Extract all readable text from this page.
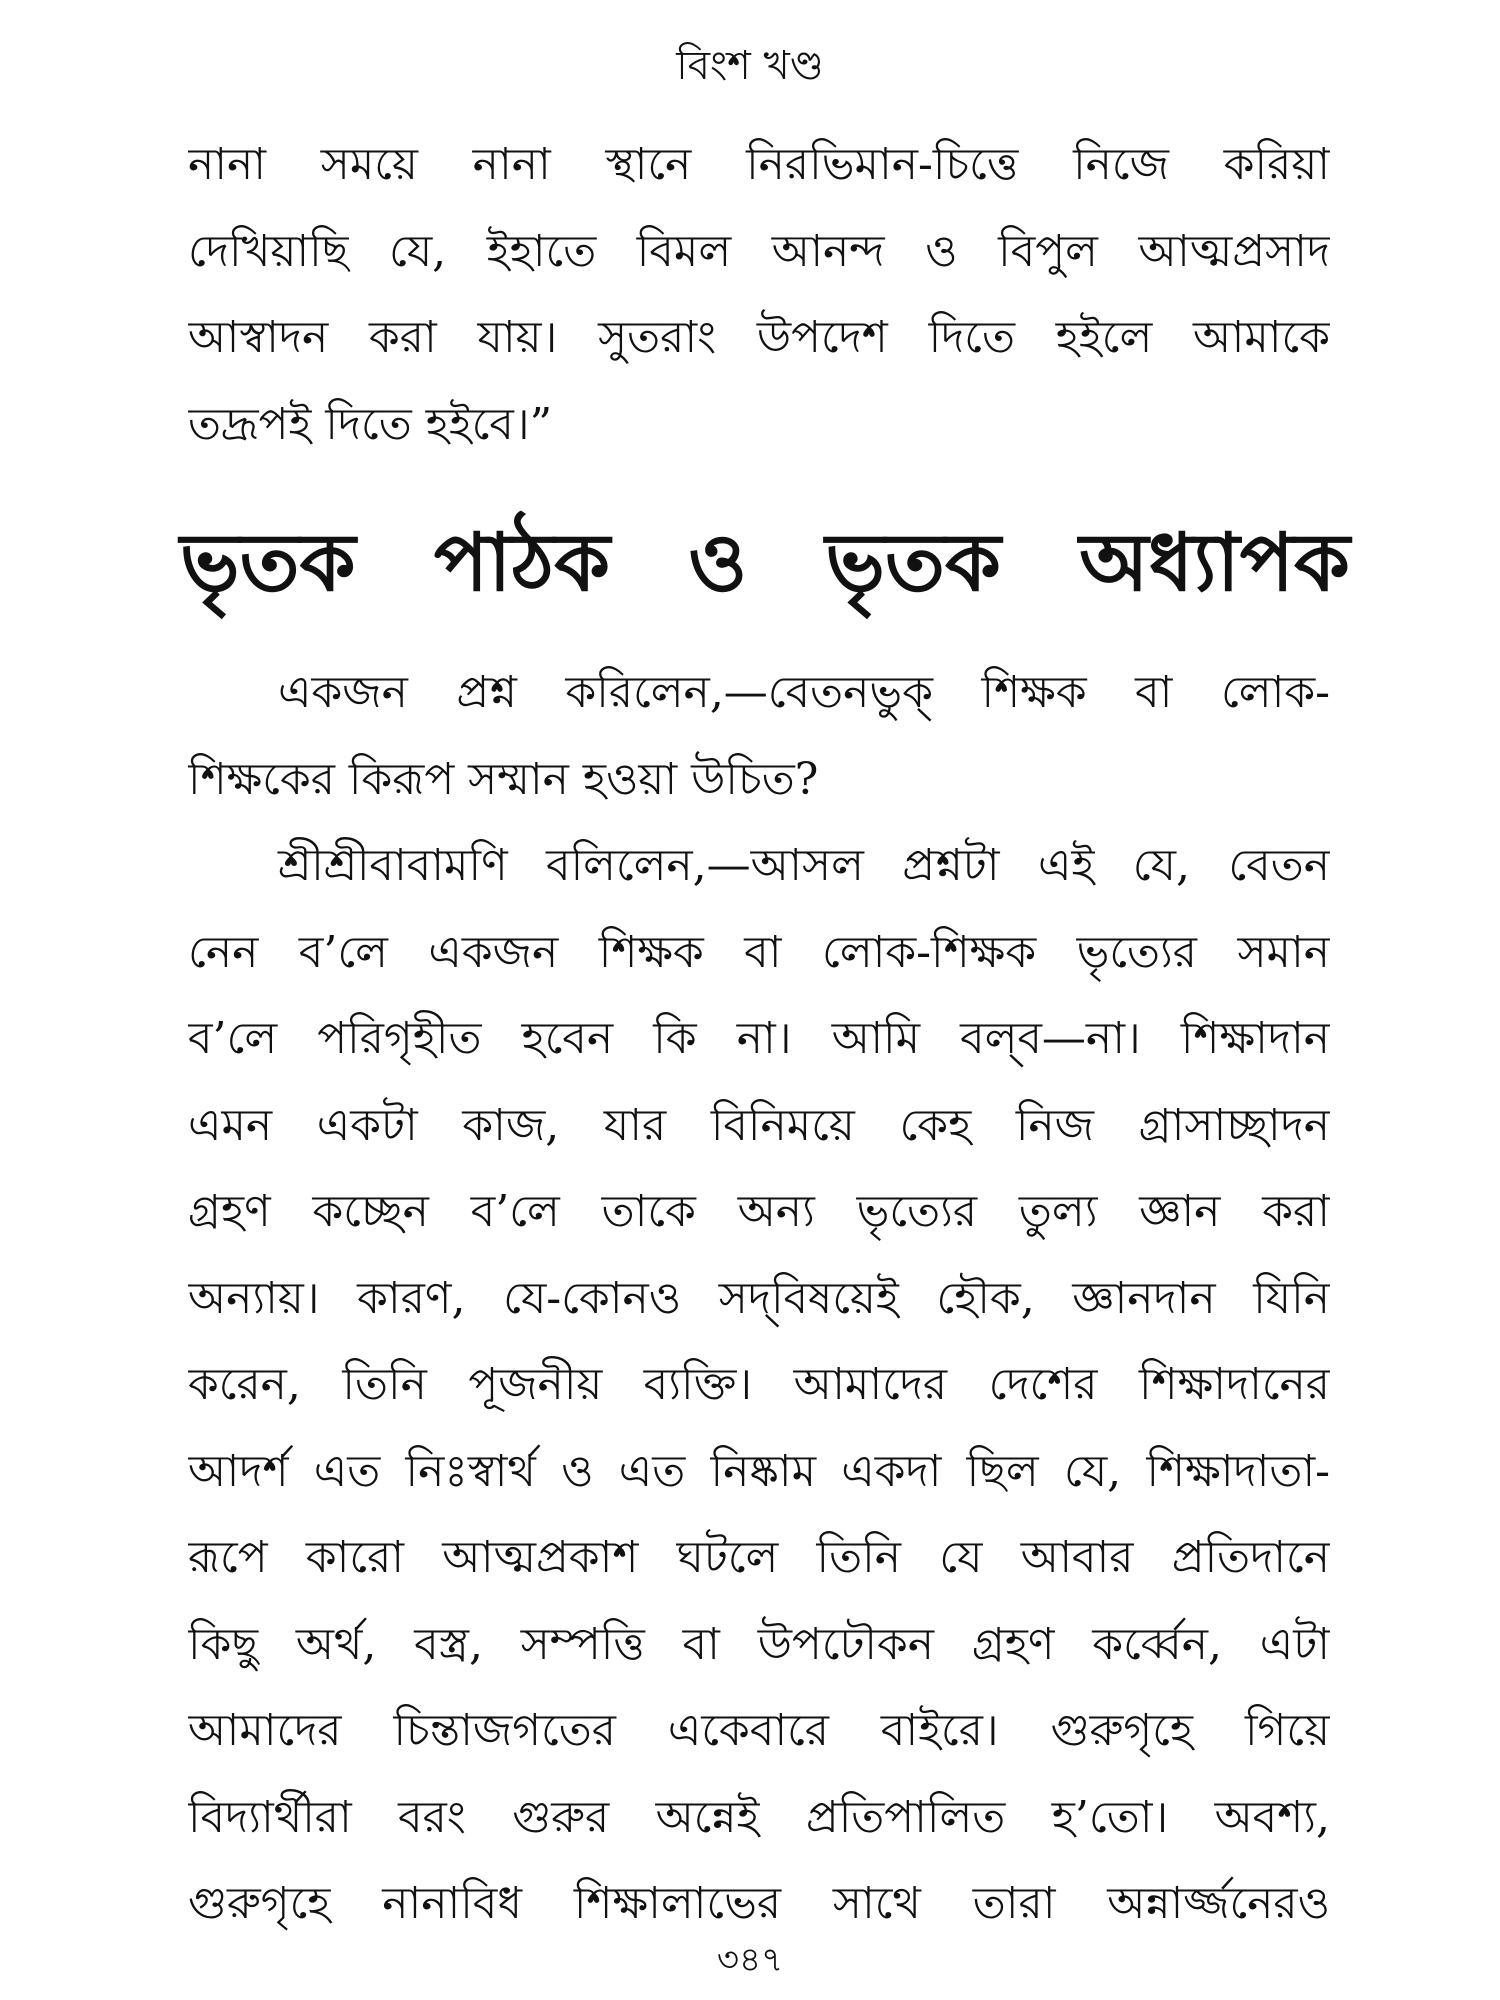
বিংশ খণ্ড
নানা সময়ে নানা স্থানে নিরভিমান-চিত্তে নিজে করিয়া
দেখিয়াছি যে, ইহাতে বিমল আনন্দ ও বিপুল আত্মপ্রসাদ
আস্বাদন করা যায়। সুতরাং উপদেশ দিতে হইলে আমাকে
তদ্রূপই দিতে হইবে।”
ভৃতক পাঠক ও ভৃতক অধ্যাপক
একজন প্রশ্ন করিলেন,—বেতনভুক্ শিক্ষক বা লোক-
শিক্ষকের কিরূপ সম্মান হওয়া উচিত?
শ্রীশ্রীবাবামণি বলিলেন,—আসল প্রশ্নটা এই যে, বেতন
নেন ব’লে একজন শিক্ষক বা লোক-শিক্ষক ভৃত্যের সমান
ব’লে পরিগৃহীত হবেন কি না। আমি বল্‌ব—না। শিক্ষাদান
এমন একটা কাজ, যার বিনিময়ে কেহ নিজ গ্রাসাচ্ছাদন
গ্রহণ কচ্ছেন ব’লে তাকে অন্য ভৃত্যের তুল্য জ্ঞান করা
অন্যায়। কারণ, যে-কোনও সদ্‌বিষয়েই হৌক, জ্ঞানদান যিনি
করেন, তিনি পূজনীয় ব্যক্তি। আমাদের দেশের শিক্ষাদানের
আদর্শ এত নিঃস্বার্থ ও এত নিষ্কাম একদা ছিল যে, শিক্ষাদাতা-
রূপে কারো আত্মপ্রকাশ ঘটলে তিনি যে আবার প্রতিদানে
কিছু অর্থ, বস্ত্র, সম্পত্তি বা উপঢৌকন গ্রহণ কর্ব্বেন, এটা
আমাদের চিন্তাজগতের একেবারে বাইরে। গুরুগৃহে গিয়ে
বিদ্যার্থীরা বরং গুরুর অন্নেই প্রতিপালিত হ’তো। অবশ্য,
গুরুগৃহে নানাবিধ শিক্ষালাভের সাথে তারা অন্নার্জ্জনেরও
৩৪৭
